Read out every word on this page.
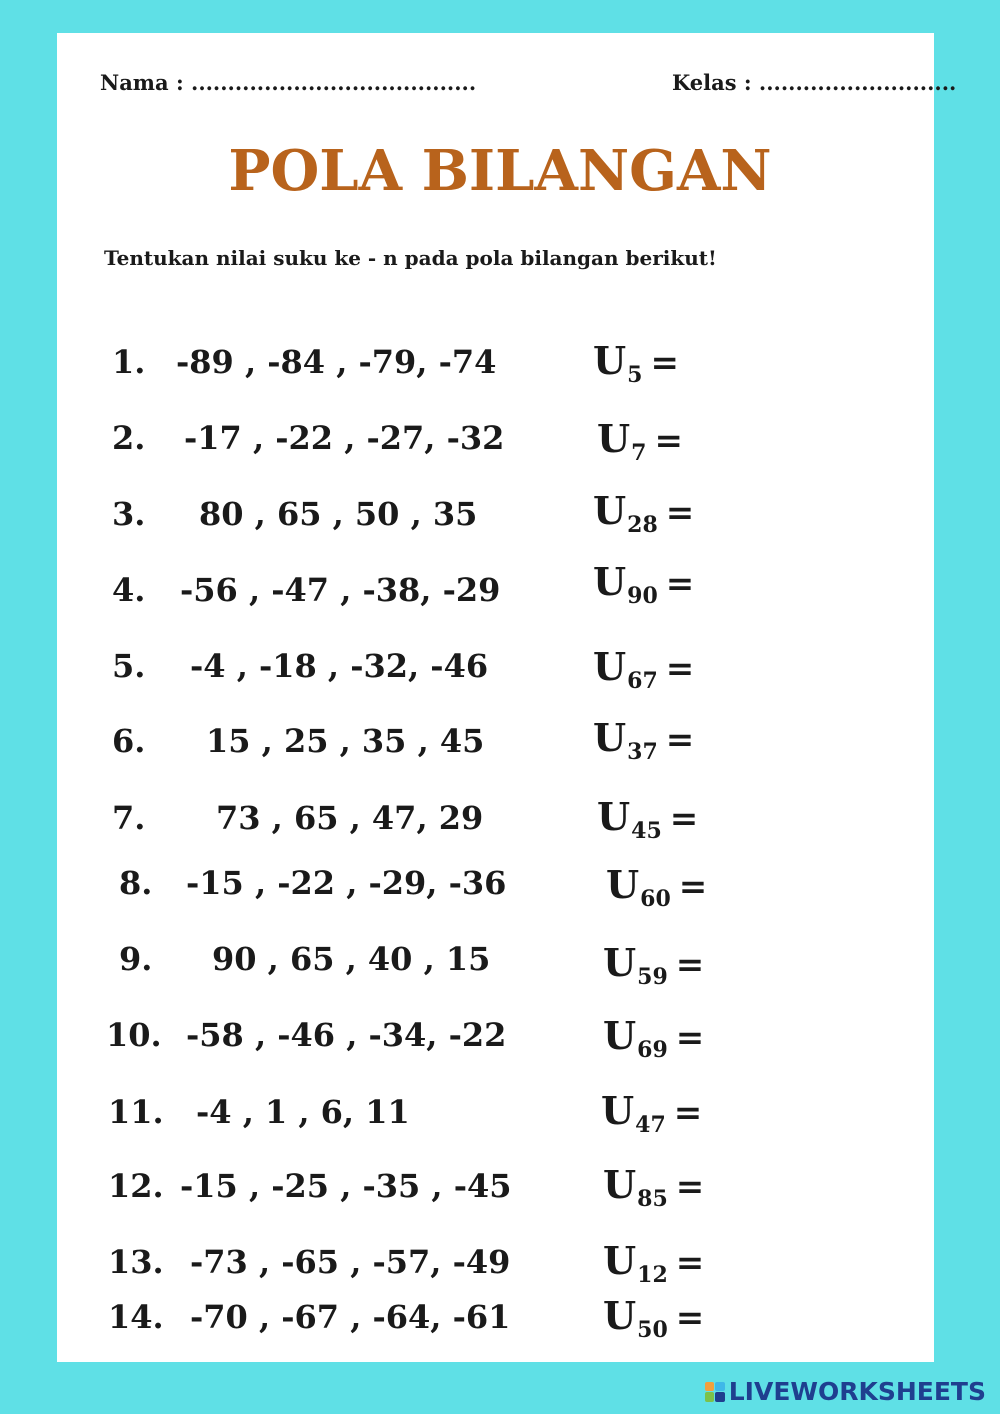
Nama : .......................................	Kelas : ...........................
POLA BILANGAN
Tentukan nilai suku ke - n pada pola bilangan berikut!
1. -89 , -84 , -79, -74	U 5 =
2. -17 , -22 , -27, -32 U 7 =
3. 80 , 65 , 50 , 35	U 28 =
4. -56 , -47 , -38, -29 U 90 =
5. -4 , -18 , -32, -46	U 67 =
6. 15 , 25 , 35 , 45	U 37 =
7. 73 , 65 , 47, 29	U 45 =
8. -15 , -22 , -29, -36	U 60 =
9. 90 , 65 , 40 , 15	U 59 =
10. -58 , -46 , -34, -22	U 69 =
11. -4 , 1 , 6, 11	U 47 =
12. -15 , -25 , -35 , -45 U 85 =
13. -73 , -65 , -57, -49 U 12 =
14. -70 , -67 , -64, -61 U 50 =
LIVEWORKSHEETS
